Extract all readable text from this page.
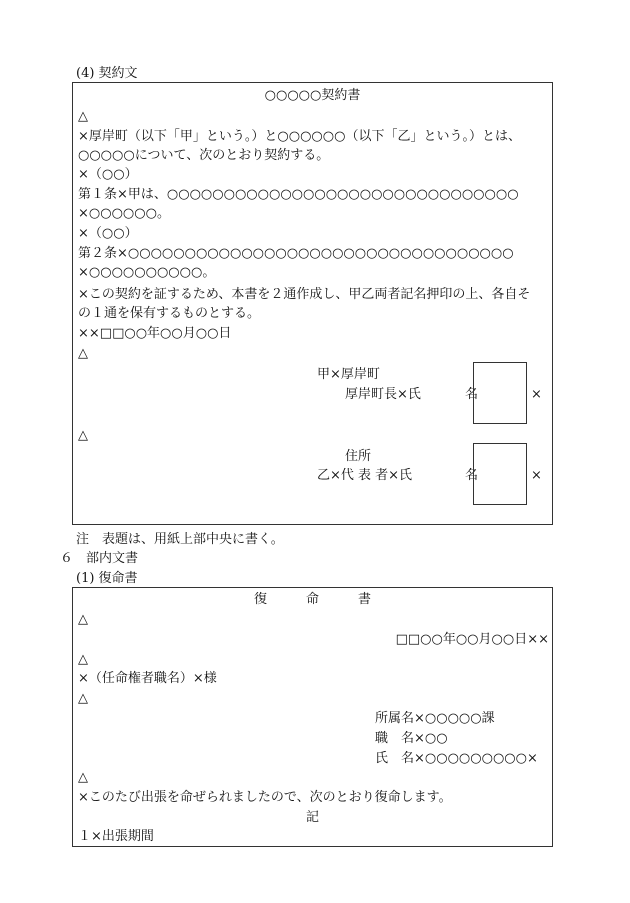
(4) 契約文
○○○○○契約書
△
×厚岸町（以下「甲」という。）と○○○○○○（以下「乙」という。）とは、
○○○○○について、次のとおり契約する。
×（○○）
第１条×甲は、○○○○○○○○○○○○○○○○○○○○○○○○○○○○○○○
×○○○○○○。
×（○○）
第２条×○○○○○○○○○○○○○○○○○○○○○○○○○○○○○○○○○○
×○○○○○○○○○○。
×この契約を証するため、本書を２通作成し、甲乙両者記名押印の上、各自そ
の１通を保有するものとする。
××□□○○年○○月○○日
△
甲×厚岸町
厚岸町長×氏	名	×
△
住所
乙×代 表 者×氏	名	×
注　表題は、用紙上部中央に書く。
６　部内文書
(1) 復命書
復　　　命　　　書
△
□□○○年○○月○○日××
△
×（任命権者職名）×様
△
所属名×○○○○○課
職　名×○○
氏　名×○○○○○○○○○×
△
×このたび出張を命ぜられましたので、次のとおり復命します。
記
１×出張期間
